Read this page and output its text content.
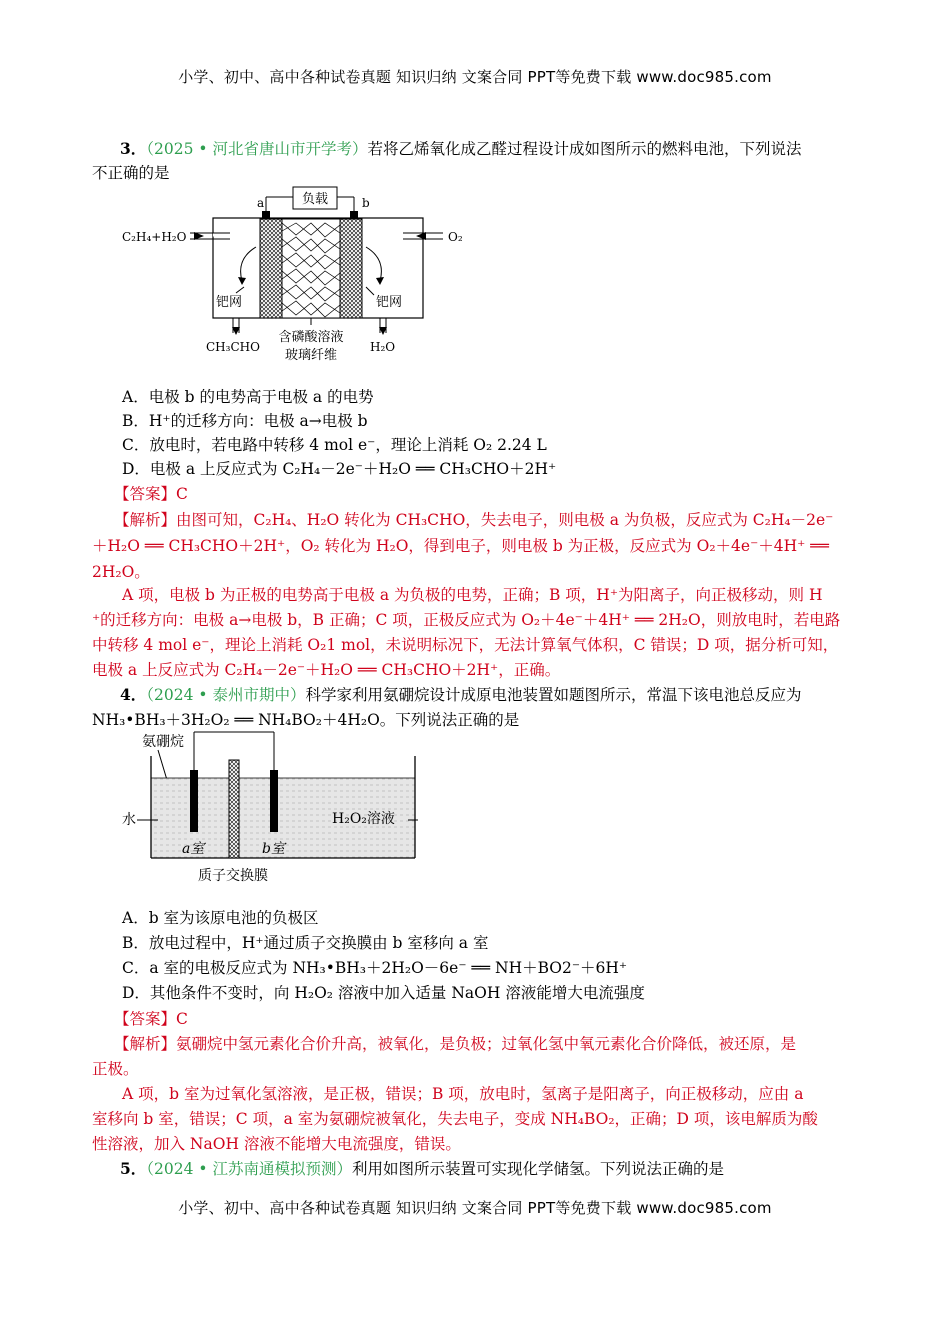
小学、初中、高中各种试卷真题 知识归纳 文案合同 PPT等免费下载 www.doc985.com
3．（2025 • 河北省唐山市开学考）若将乙烯氧化成乙醛过程设计成如图所示的燃料电池，下列说法
不正确的是
负载
a	b
C₂H₄+H₂O	O₂
钯网	钯网
CH₃CHO	H₂O
含磷酸溶液
玻璃纤维
A．电极 b 的电势高于电极 a 的电势
B．H⁺的迁移方向：电极 a→电极 b
C．放电时，若电路中转移 4 mol e⁻，理论上消耗 O₂ 2.24 L
D．电极 a 上反应式为 C₂H₄－2e⁻＋H₂O ══ CH₃CHO＋2H⁺
【答案】C
【解析】由图可知，C₂H₄、H₂O 转化为 CH₃CHO，失去电子，则电极 a 为负极，反应式为 C₂H₄－2e⁻
＋H₂O ══ CH₃CHO＋2H⁺，O₂ 转化为 H₂O，得到电子，则电极 b 为正极，反应式为 O₂＋4e⁻＋4H⁺ ══
2H₂O。
A 项，电极 b 为正极的电势高于电极 a 为负极的电势，正确；B 项，H⁺为阳离子，向正极移动，则 H
⁺的迁移方向：电极 a→电极 b，B 正确；C 项，正极反应式为 O₂＋4e⁻＋4H⁺ ══ 2H₂O，则放电时，若电路
中转移 4 mol e⁻，理论上消耗 O₂1 mol，未说明标况下，无法计算氧气体积，C 错误；D 项，据分析可知，
电极 a 上反应式为 C₂H₄－2e⁻＋H₂O ══ CH₃CHO＋2H⁺，正确。
4．（2024 • 泰州市期中）科学家利用氨硼烷设计成原电池装置如题图所示，常温下该电池总反应为
NH₃•BH₃＋3H₂O₂ ══ NH₄BO₂＋4H₂O。下列说法正确的是
氨硼烷
水
a室	b室
H₂O₂溶液
质子交换膜
A．b 室为该原电池的负极区
B．放电过程中，H⁺通过质子交换膜由 b 室移向 a 室
C．a 室的电极反应式为 NH₃•BH₃＋2H₂O－6e⁻ ══ NH＋BO2⁻＋6H⁺
D．其他条件不变时，向 H₂O₂ 溶液中加入适量 NaOH 溶液能增大电流强度
【答案】C
【解析】氨硼烷中氢元素化合价升高，被氧化，是负极；过氧化氢中氧元素化合价降低，被还原，是
正极。
A 项，b 室为过氧化氢溶液，是正极，错误；B 项，放电时，氢离子是阳离子，向正极移动，应由 a
室移向 b 室，错误；C 项，a 室为氨硼烷被氧化，失去电子，变成 NH₄BO₂，正确；D 项，该电解质为酸
性溶液，加入 NaOH 溶液不能增大电流强度，错误。
5．（2024 • 江苏南通模拟预测）利用如图所示装置可实现化学储氢。下列说法正确的是
小学、初中、高中各种试卷真题 知识归纳 文案合同 PPT等免费下载 www.doc985.com
